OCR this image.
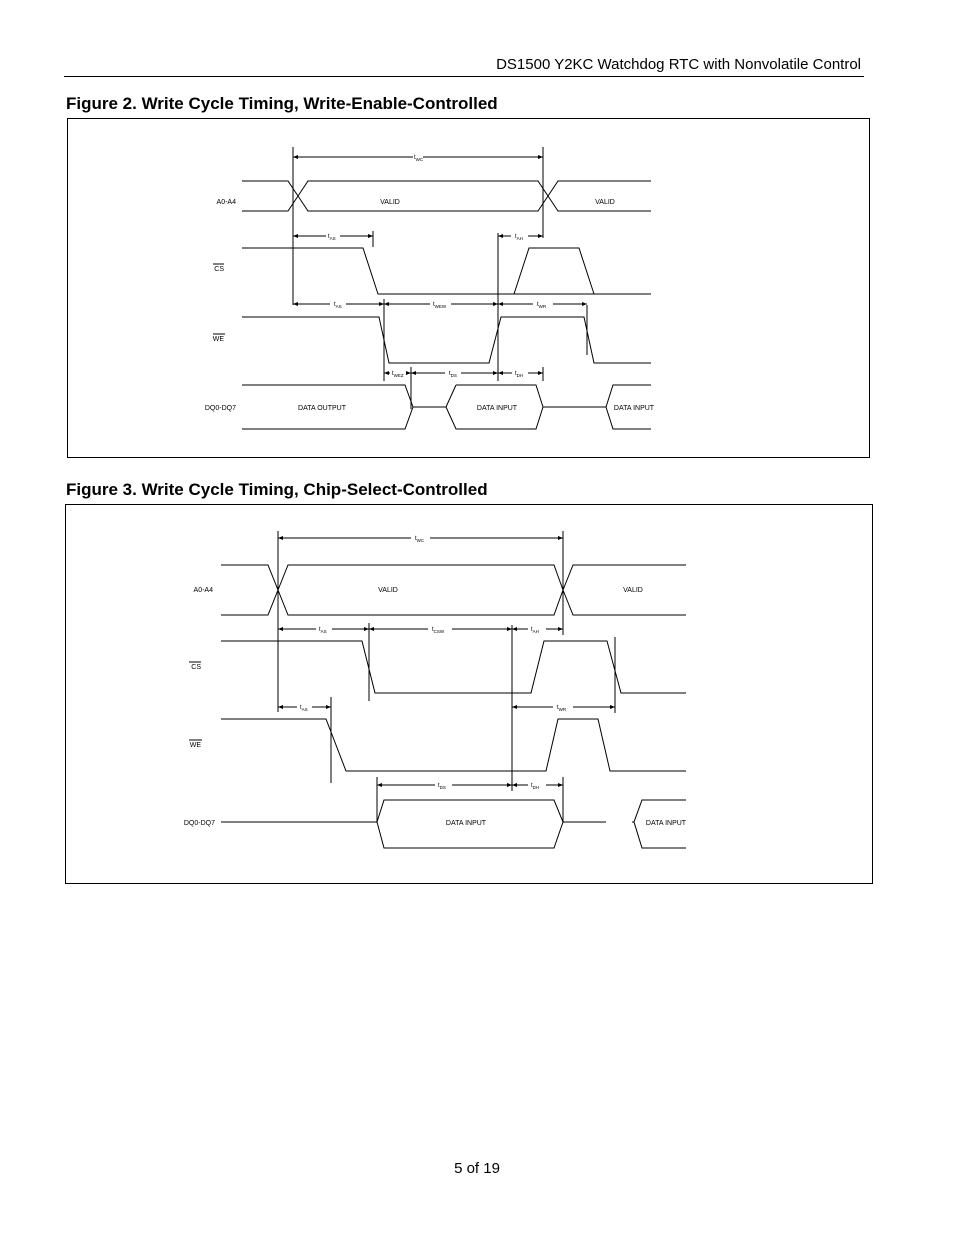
DS1500 Y2KC Watchdog RTC with Nonvolatile Control
Figure 2. Write Cycle Timing, Write-Enable-Controlled
A0-A4	VALID	VALID
CS
WE
DQ0-DQ7	DATA OUTPUT	DATA INPUT	DATA INPUT
$t_{WC}$
$t_{AS}$	$t_{AH}$
$t_{AS}$	$t_{WEW}$	$t_{WR}$
$t_{WEZ}$	$t_{DS}$	$t_{DH}$
Figure 3. Write Cycle Timing, Chip-Select-Controlled
A0-A4	VALID	VALID
CS
WE
DQ0-DQ7	DATA INPUT	DATA INPUT
$t_{WC}$
$t_{AS}$	$t_{CSW}$	$t_{AH}$
$t_{AS}$	$t_{WR}$
$t_{DS}$	$t_{DH}$
5 of 19
